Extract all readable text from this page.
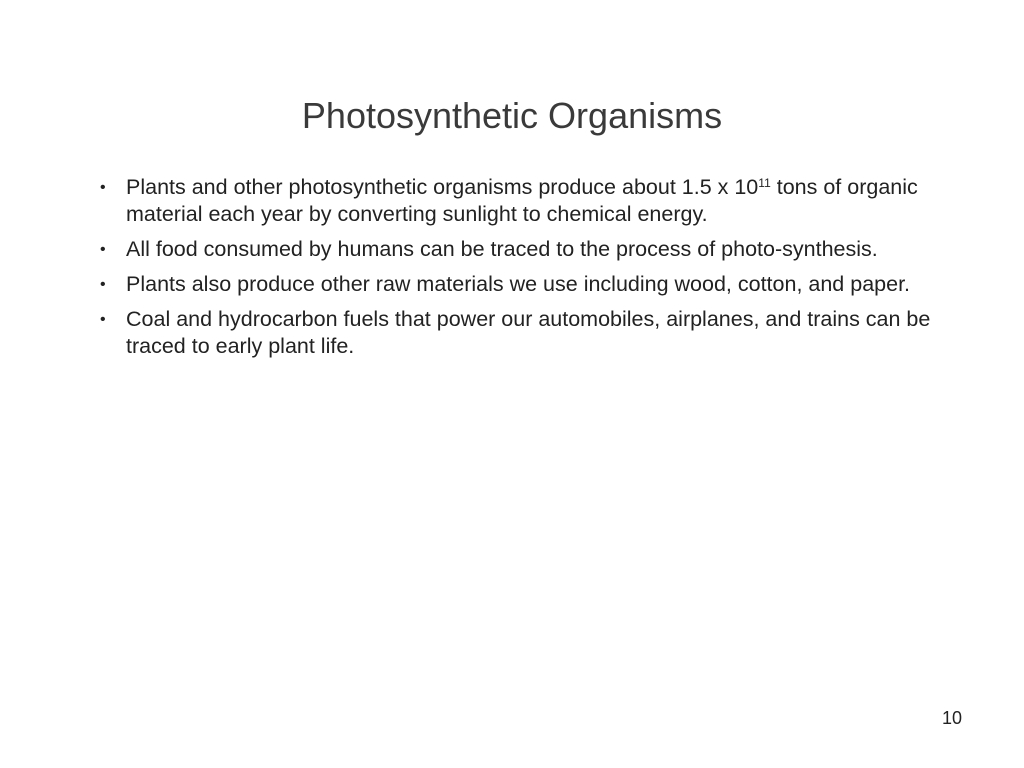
Photosynthetic Organisms
• Plants and other photosynthetic organisms produce about 1.5 x $10^{11}$ tons of organic material each year by converting sunlight to chemical energy.
• All food consumed by humans can be traced to the process of photo-synthesis.
• Plants also produce other raw materials we use including wood, cotton, and paper.
• Coal and hydrocarbon fuels that power our automobiles, airplanes, and trains can be traced to early plant life.
10
